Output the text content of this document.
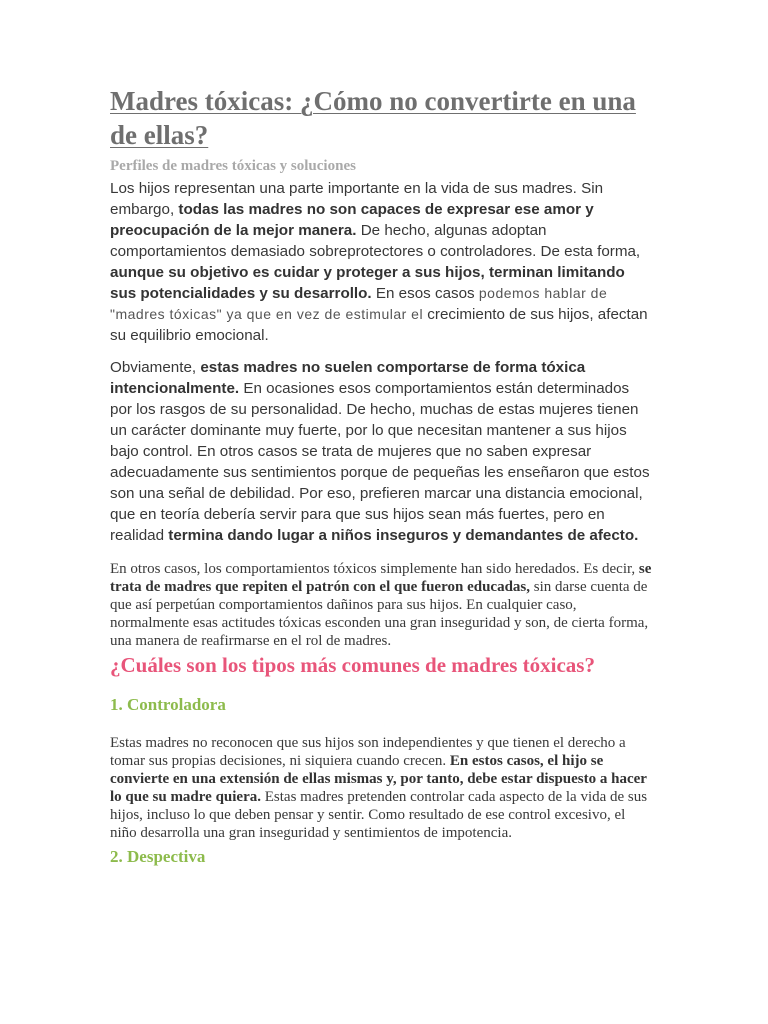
Madres tóxicas: ¿Cómo no convertirte en una de ellas?
Perfiles de madres tóxicas y soluciones

Los hijos representan una parte importante en la vida de sus madres. Sin embargo, todas las madres no son capaces de expresar ese amor y preocupación de la mejor manera. De hecho, algunas adoptan comportamientos demasiado sobreprotectores o controladores. De esta forma, aunque su objetivo es cuidar y proteger a sus hijos, terminan limitando sus potencialidades y su desarrollo. En esos casos podemos hablar de "madres tóxicas" ya que en vez de estimular el crecimiento de sus hijos, afectan su equilibrio emocional.

Obviamente, estas madres no suelen comportarse de forma tóxica intencionalmente. En ocasiones esos comportamientos están determinados por los rasgos de su personalidad. De hecho, muchas de estas mujeres tienen un carácter dominante muy fuerte, por lo que necesitan mantener a sus hijos bajo control. En otros casos se trata de mujeres que no saben expresar adecuadamente sus sentimientos porque de pequeñas les enseñaron que estos son una señal de debilidad. Por eso, prefieren marcar una distancia emocional, que en teoría debería servir para que sus hijos sean más fuertes, pero en realidad termina dando lugar a niños inseguros y demandantes de afecto.

En otros casos, los comportamientos tóxicos simplemente han sido heredados. Es decir, se trata de madres que repiten el patrón con el que fueron educadas, sin darse cuenta de que así perpetúan comportamientos dañinos para sus hijos. En cualquier caso, normalmente esas actitudes tóxicas esconden una gran inseguridad y son, de cierta forma, una manera de reafirmarse en el rol de madres.

¿Cuáles son los tipos más comunes de madres tóxicas?
1. Controladora

Estas madres no reconocen que sus hijos son independientes y que tienen el derecho a tomar sus propias decisiones, ni siquiera cuando crecen. En estos casos, el hijo se convierte en una extensión de ellas mismas y, por tanto, debe estar dispuesto a hacer lo que su madre quiera. Estas madres pretenden controlar cada aspecto de la vida de sus hijos, incluso lo que deben pensar y sentir. Como resultado de ese control excesivo, el niño desarrolla una gran inseguridad y sentimientos de impotencia.

2. Despectiva
